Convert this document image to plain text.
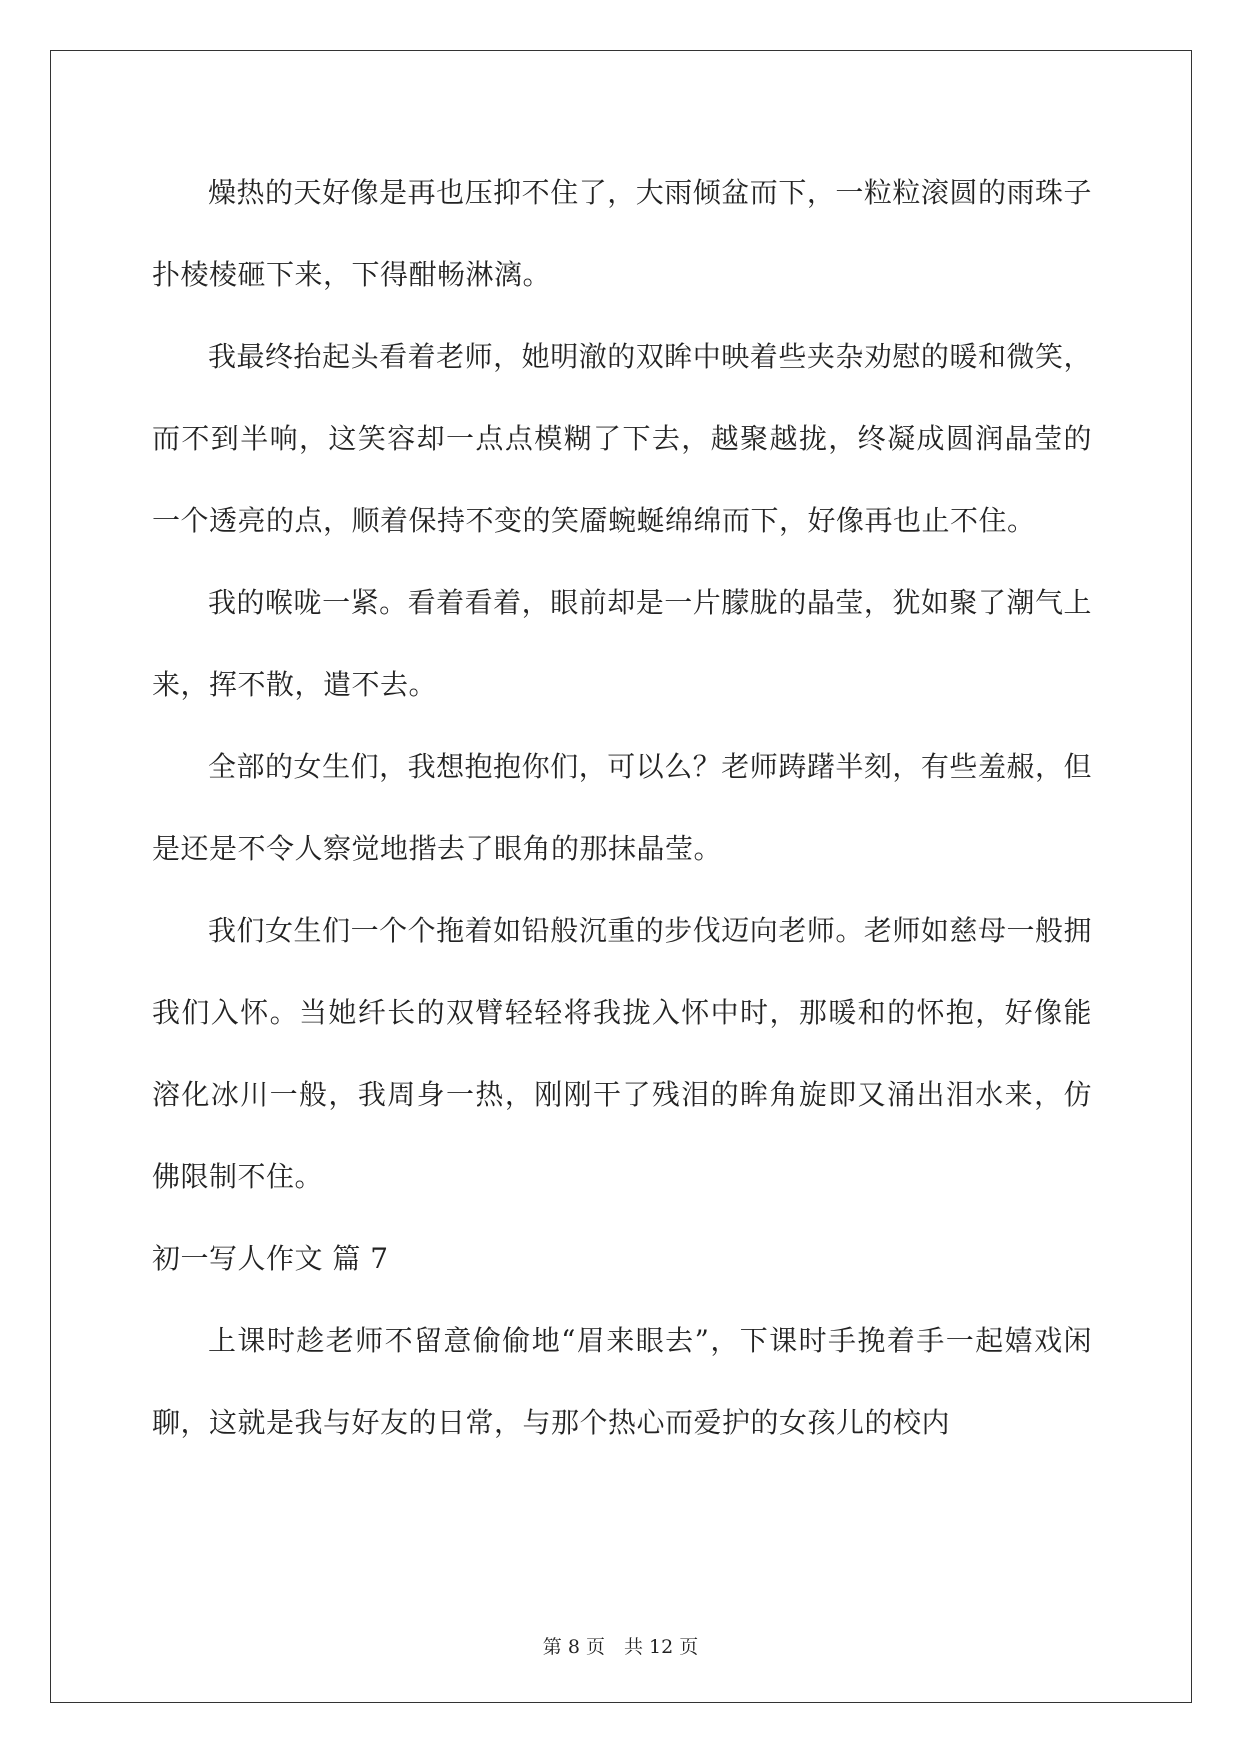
燥热的天好像是再也压抑不住了，大雨倾盆而下，一粒粒滚圆的雨珠子扑棱棱砸下来，下得酣畅淋漓。

我最终抬起头看着老师，她明澈的双眸中映着些夹杂劝慰的暖和微笑，而不到半响，这笑容却一点点模糊了下去，越聚越拢，终凝成圆润晶莹的一个透亮的点，顺着保持不变的笑靥蜿蜒绵绵而下，好像再也止不住。

我的喉咙一紧。看着看着，眼前却是一片朦胧的晶莹，犹如聚了潮气上来，挥不散，遣不去。

全部的女生们，我想抱抱你们，可以么？老师踌躇半刻，有些羞赧，但是还是不令人察觉地揩去了眼角的那抹晶莹。

我们女生们一个个拖着如铅般沉重的步伐迈向老师。老师如慈母一般拥我们入怀。当她纤长的双臂轻轻将我拢入怀中时，那暖和的怀抱，好像能溶化冰川一般，我周身一热，刚刚干了残泪的眸角旋即又涌出泪水来，仿佛限制不住。

初一写人作文 篇 7

上课时趁老师不留意偷偷地“眉来眼去”，下课时手挽着手一起嬉戏闲聊，这就是我与好友的日常，与那个热心而爱护的女孩儿的校内

第 8 页　共 12 页
